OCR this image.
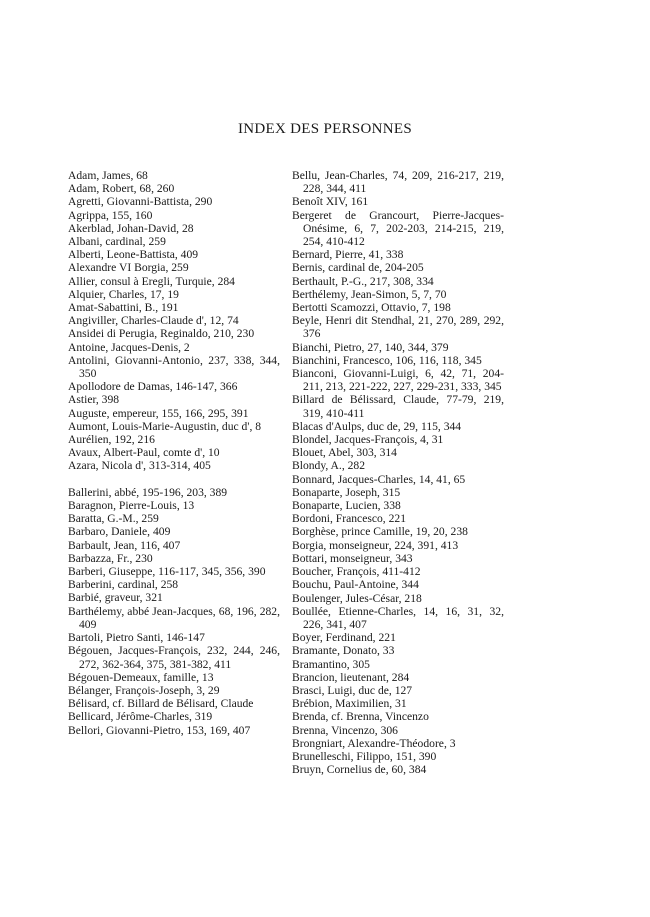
INDEX DES PERSONNES
Adam, James, 68
Adam, Robert, 68, 260
Agretti, Giovanni-Battista, 290
Agrippa, 155, 160
Akerblad, Johan-David, 28
Albani, cardinal, 259
Alberti, Leone-Battista, 409
Alexandre VI Borgia, 259
Allier, consul à Eregli, Turquie, 284
Alquier, Charles, 17, 19
Amat-Sabattini, B., 191
Angiviller, Charles-Claude d', 12, 74
Ansidei di Perugia, Reginaldo, 210, 230
Antoine, Jacques-Denis, 2
Antolini, Giovanni-Antonio, 237, 338, 344, 350
Apollodore de Damas, 146-147, 366
Astier, 398
Auguste, empereur, 155, 166, 295, 391
Aumont, Louis-Marie-Augustin, duc d', 8
Aurélien, 192, 216
Avaux, Albert-Paul, comte d', 10
Azara, Nicola d', 313-314, 405
Ballerini, abbé, 195-196, 203, 389
Baragnon, Pierre-Louis, 13
Baratta, G.-M., 259
Barbaro, Daniele, 409
Barbault, Jean, 116, 407
Barbazza, Fr., 230
Barberi, Giuseppe, 116-117, 345, 356, 390
Barberini, cardinal, 258
Barbié, graveur, 321
Barthélemy, abbé Jean-Jacques, 68, 196, 282, 409
Bartoli, Pietro Santi, 146-147
Bégouen, Jacques-François, 232, 244, 246, 272, 362-364, 375, 381-382, 411
Bégouen-Demeaux, famille, 13
Bélanger, François-Joseph, 3, 29
Bélisard, cf. Billard de Bélisard, Claude
Bellicard, Jérôme-Charles, 319
Bellori, Giovanni-Pietro, 153, 169, 407
Bellu, Jean-Charles, 74, 209, 216-217, 219, 228, 344, 411
Benoît XIV, 161
Bergeret de Grancourt, Pierre-Jacques-Onésime, 6, 7, 202-203, 214-215, 219, 254, 410-412
Bernard, Pierre, 41, 338
Bernis, cardinal de, 204-205
Berthault, P.-G., 217, 308, 334
Berthélemy, Jean-Simon, 5, 7, 70
Bertotti Scamozzi, Ottavio, 7, 198
Beyle, Henri dit Stendhal, 21, 270, 289, 292, 376
Bianchi, Pietro, 27, 140, 344, 379
Bianchini, Francesco, 106, 116, 118, 345
Bianconi, Giovanni-Luigi, 6, 42, 71, 204-211, 213, 221-222, 227, 229-231, 333, 345
Billard de Bélissard, Claude, 77-79, 219, 319, 410-411
Blacas d'Aulps, duc de, 29, 115, 344
Blondel, Jacques-François, 4, 31
Blouet, Abel, 303, 314
Blondy, A., 282
Bonnard, Jacques-Charles, 14, 41, 65
Bonaparte, Joseph, 315
Bonaparte, Lucien, 338
Bordoni, Francesco, 221
Borghèse, prince Camille, 19, 20, 238
Borgia, monseigneur, 224, 391, 413
Bottari, monseigneur, 343
Boucher, François, 411-412
Bouchu, Paul-Antoine, 344
Boulenger, Jules-César, 218
Boullée, Etienne-Charles, 14, 16, 31, 32, 226, 341, 407
Boyer, Ferdinand, 221
Bramante, Donato, 33
Bramantino, 305
Brancion, lieutenant, 284
Brasci, Luigi, duc de, 127
Brébion, Maximilien, 31
Brenda, cf. Brenna, Vincenzo
Brenna, Vincenzo, 306
Brongniart, Alexandre-Théodore, 3
Brunelleschi, Filippo, 151, 390
Bruyn, Cornelius de, 60, 384
